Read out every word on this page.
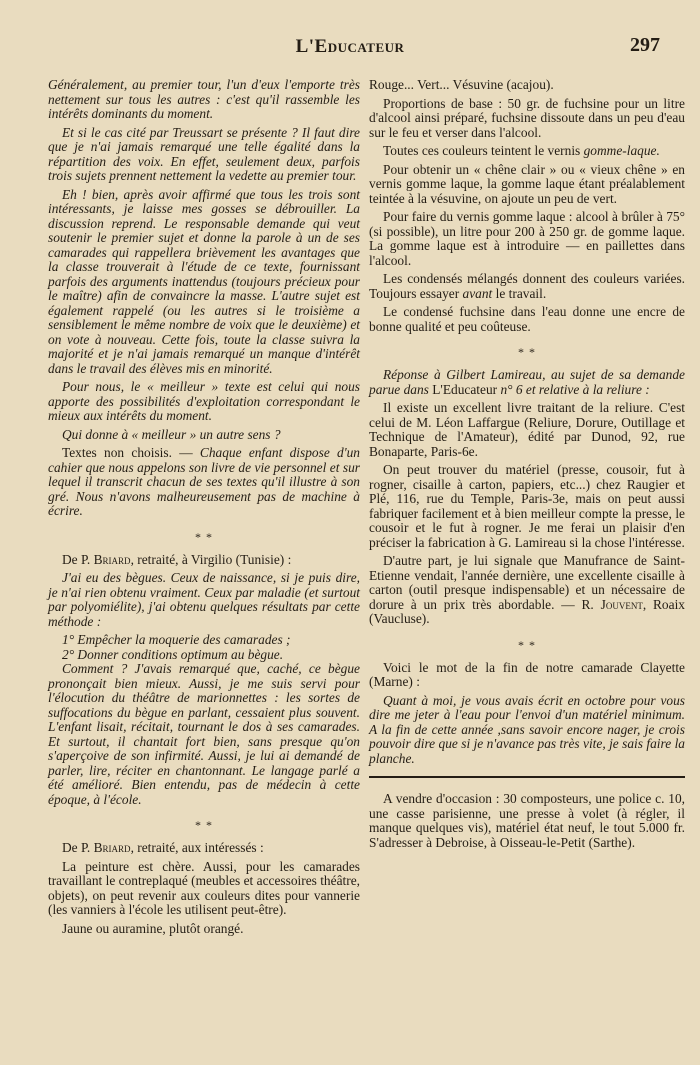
L'Educateur	297

Généralement, au premier tour, l'un d'eux l'emporte très nettement sur tous les autres : c'est qu'il rassemble les intérêts dominants du moment.

Et si le cas cité par Treussart se présente ? Il faut dire que je n'ai jamais remarqué une telle égalité dans la répartition des voix. En effet, seulement deux, parfois trois sujets prennent nettement la vedette au premier tour.

Eh ! bien, après avoir affirmé que tous les trois sont intéressants, je laisse mes gosses se débrouiller. La discussion reprend. Le responsable demande qui veut soutenir le premier sujet et donne la parole à un de ses camarades qui rappellera brièvement les avantages que la classe trouverait à l'étude de ce texte, fournissant parfois des arguments inattendus (toujours précieux pour le maître) afin de convaincre la masse. L'autre sujet est également rappelé (ou les autres si le troisième a sensiblement le même nombre de voix que le deuxième) et on vote à nouveau. Cette fois, toute la classe suivra la majorité et je n'ai jamais remarqué un manque d'intérêt dans le travail des élèves mis en minorité.

Pour nous, le « meilleur » texte est celui qui nous apporte des possibilités d'exploitation correspondant le mieux aux intérêts du moment.

Qui donne à « meilleur » un autre sens ?

Textes non choisis. — Chaque enfant dispose d'un cahier que nous appelons son livre de vie personnel et sur lequel il transcrit chacun de ses textes qu'il illustre à son gré. Nous n'avons malheureusement pas de machine à écrire.

* *

De P. Briard, retraité, à Virgilio (Tunisie) :

J'ai eu des bègues. Ceux de naissance, si je puis dire, je n'ai rien obtenu vraiment. Ceux par maladie (et surtout par polyomiélite), j'ai obtenu quelques résultats par cette méthode :

1° Empêcher la moquerie des camarades ;

2° Donner conditions optimum au bègue.

Comment ? J'avais remarqué que, caché, ce bègue prononçait bien mieux. Aussi, je me suis servi pour l'élocution du théâtre de marionnettes : les sortes de suffocations du bègue en parlant, cessaient plus souvent. L'enfant lisait, récitait, tournant le dos à ses camarades. Et surtout, il chantait fort bien, sans presque qu'on s'aperçoive de son infirmité. Aussi, je lui ai demandé de parler, lire, réciter en chantonnant. Le langage parlé a été amélioré. Bien entendu, pas de médecin à cette époque, à l'école.

* *

De P. Briard, retraité, aux intéressés :

La peinture est chère. Aussi, pour les camarades travaillant le contreplaqué (meubles et accessoires théâtre, objets), on peut revenir aux couleurs dites pour vannerie (les vanniers à l'école les utilisent peut-être).

Jaune ou auramine, plutôt orangé.

Rouge... Vert... Vésuvine (acajou).

Proportions de base : 50 gr. de fuchsine pour un litre d'alcool ainsi préparé, fuchsine dissoute dans un peu d'eau sur le feu et verser dans l'alcool.

Toutes ces couleurs teintent le vernis gomme-laque.

Pour obtenir un « chêne clair » ou « vieux chêne » en vernis gomme laque, la gomme laque étant préalablement teintée à la vésuvine, on ajoute un peu de vert.

Pour faire du vernis gomme laque : alcool à brûler à 75° (si possible), un litre pour 200 à 250 gr. de gomme laque. La gomme laque est à introduire — en paillettes dans l'alcool.

Les condensés mélangés donnent des couleurs variées. Toujours essayer avant le travail.

Le condensé fuchsine dans l'eau donne une encre de bonne qualité et peu coûteuse.

* *

Réponse à Gilbert Lamireau, au sujet de sa demande parue dans L'Educateur n° 6 et relative à la reliure :

Il existe un excellent livre traitant de la reliure. C'est celui de M. Léon Laffargue (Reliure, Dorure, Outillage et Technique de l'Amateur), édité par Dunod, 92, rue Bonaparte, Paris-6e.

On peut trouver du matériel (presse, cousoir, fut à rogner, cisaille à carton, papiers, etc...) chez Raugier et Plé, 116, rue du Temple, Paris-3e, mais on peut aussi fabriquer facilement et à bien meilleur compte la presse, le cousoir et le fut à rogner. Je me ferai un plaisir d'en préciser la fabrication à G. Lamireau si la chose l'intéresse.

D'autre part, je lui signale que Manufrance de Saint-Etienne vendait, l'année dernière, une excellente cisaille à carton (outil presque indispensable) et un nécessaire de dorure à un prix très abordable. — R. Jouvent, Roaix (Vaucluse).

* *

Voici le mot de la fin de notre camarade Clayette (Marne) :

Quant à moi, je vous avais écrit en octobre pour vous dire me jeter à l'eau pour l'envoi d'un matériel minimum. A la fin de cette année ,sans savoir encore nager, je crois pouvoir dire que si je n'avance pas très vite, je sais faire la planche.

A vendre d'occasion : 30 composteurs, une police c. 10, une casse parisienne, une presse à volet (à régler, il manque quelques vis), matériel état neuf, le tout 5.000 fr. S'adresser à Debroise, à Oisseau-le-Petit (Sarthe).
